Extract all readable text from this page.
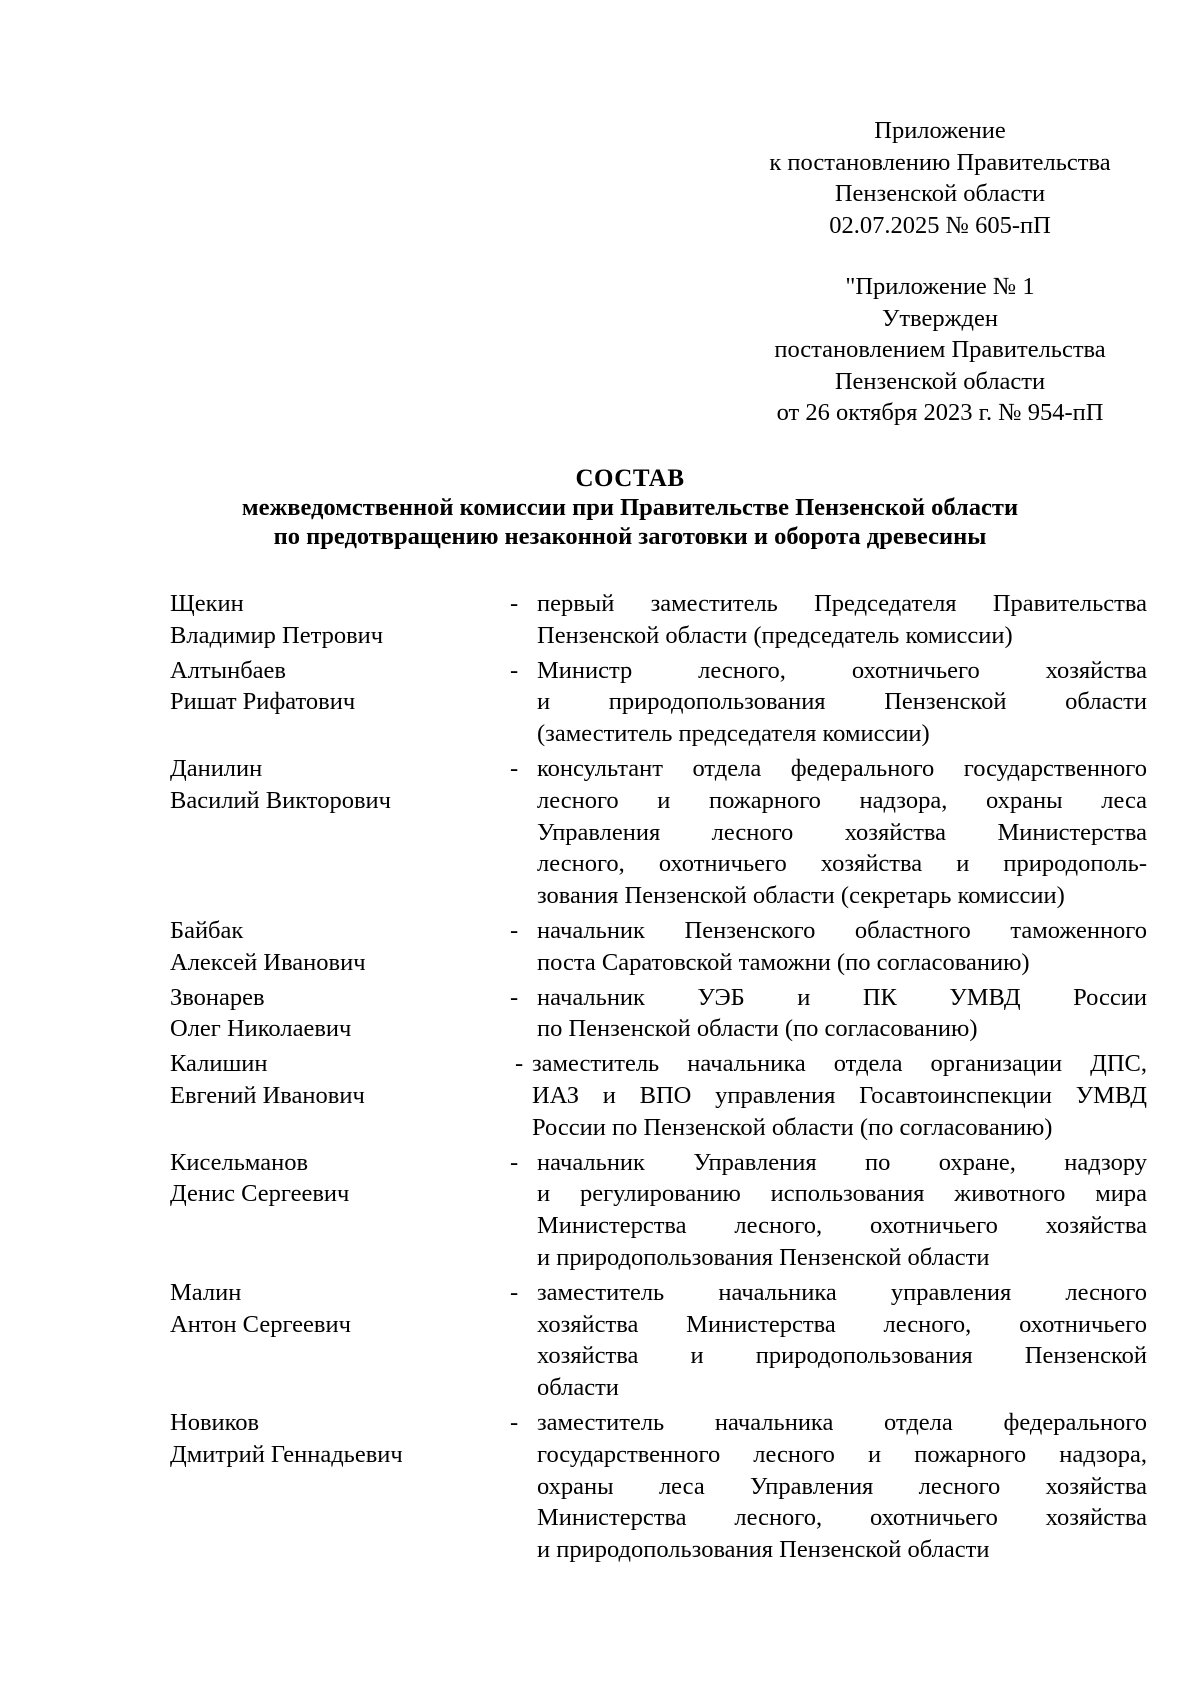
Приложение
к постановлению Правительства
Пензенской области
02.07.2025 № 605-пП
"Приложение № 1
Утвержден
постановлением Правительства
Пензенской области
от 26 октября 2023 г. № 954-пП
СОСТАВ
межведомственной комиссии при Правительстве Пензенской области
по предотвращению незаконной заготовки и оборота древесины
Щекин
Владимир Петрович
- первый заместитель Председателя Правительства
Пензенской области (председатель комиссии)
Алтынбаев
Ришат Рифатович
- Министр лесного, охотничьего хозяйства
и природопользования Пензенской области
(заместитель председателя комиссии)
Данилин
Василий Викторович
- консультант отдела федерального государственного
лесного и пожарного надзора, охраны леса
Управления лесного хозяйства Министерства
лесного, охотничьего хозяйства и природополь-
зования Пензенской области (секретарь комиссии)
Байбак
Алексей Иванович
- начальник Пензенского областного таможенного
поста Саратовской таможни (по согласованию)
Звонарев
Олег Николаевич
- начальник УЭБ и ПК УМВД России
по Пензенской области (по согласованию)
Калишин
Евгений Иванович
- заместитель начальника отдела организации ДПС,
ИАЗ и ВПО управления Госавтоинспекции УМВД
России по Пензенской области (по согласованию)
Кисельманов
Денис Сергеевич
- начальник Управления по охране, надзору
и регулированию использования животного мира
Министерства лесного, охотничьего хозяйства
и природопользования Пензенской области
Малин
Антон Сергеевич
- заместитель начальника управления лесного
хозяйства Министерства лесного, охотничьего
хозяйства и природопользования Пензенской
области
Новиков
Дмитрий Геннадьевич
- заместитель начальника отдела федерального
государственного лесного и пожарного надзора,
охраны леса Управления лесного хозяйства
Министерства лесного, охотничьего хозяйства
и природопользования Пензенской области
